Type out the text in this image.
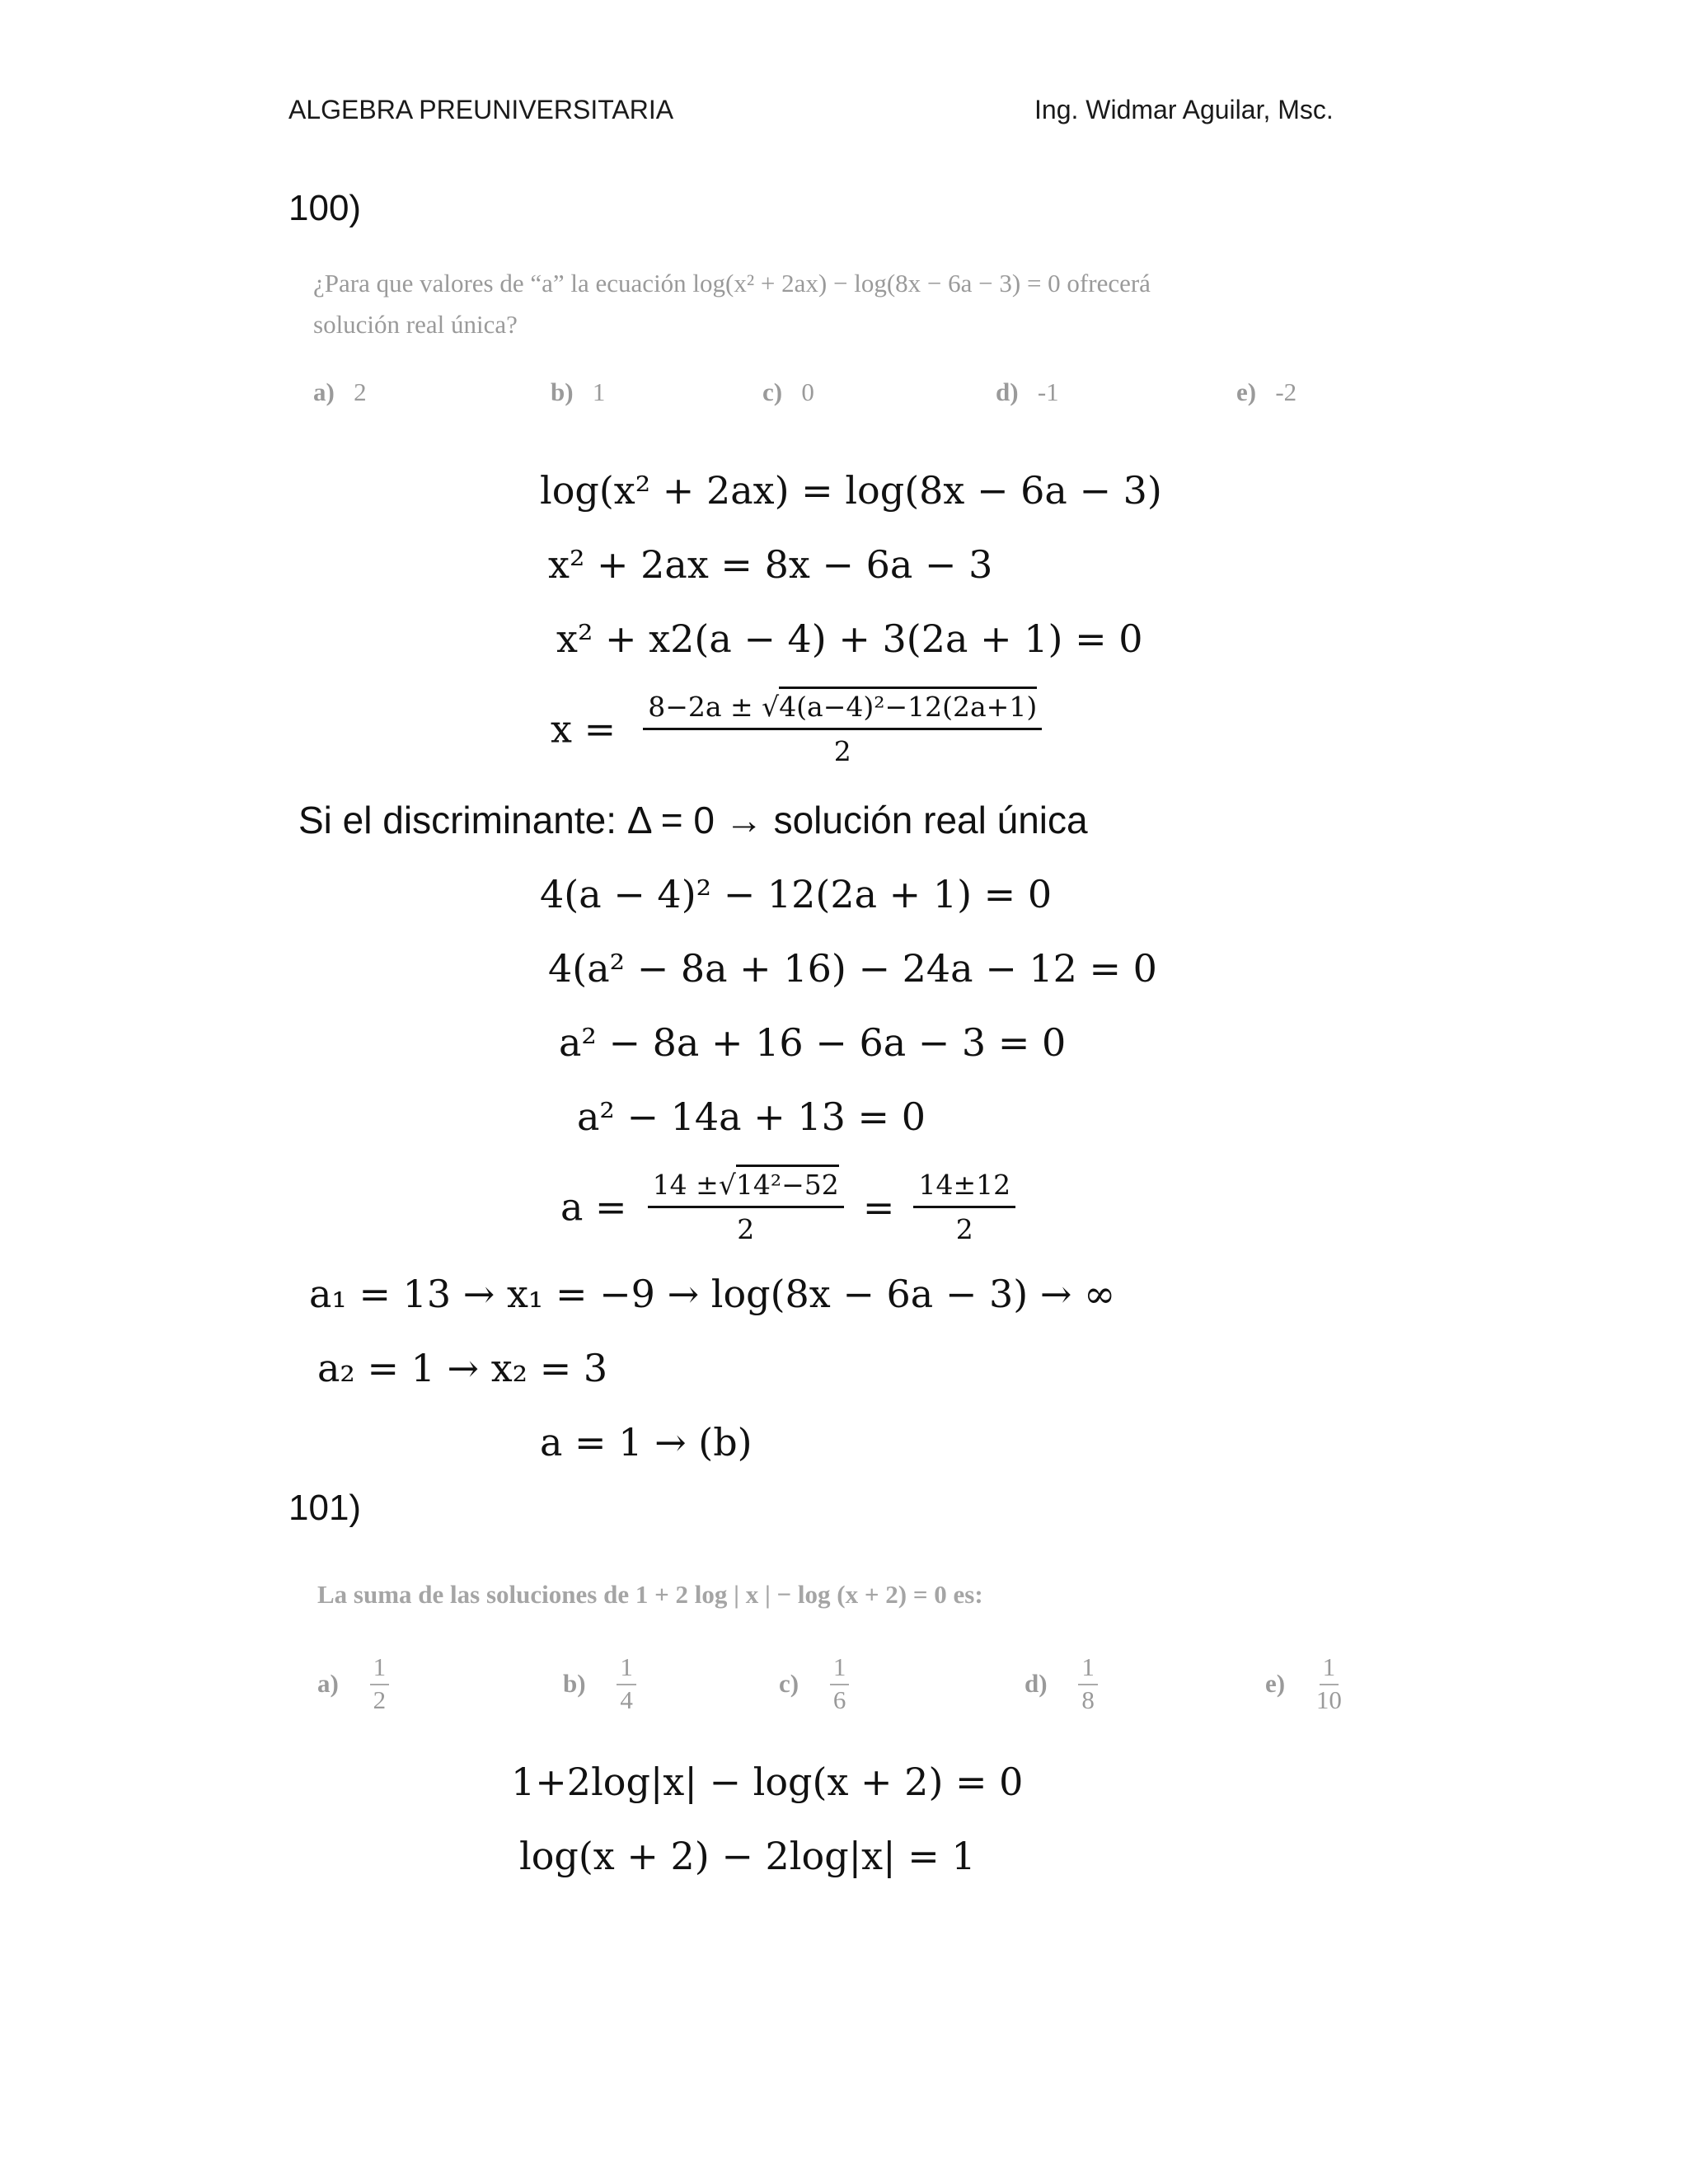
ALGEBRA PREUNIVERSITARIA	Ing. Widmar Aguilar, Msc.
100)
¿Para que valores de “a” la ecuación log(x² + 2ax) − log(8x − 6a − 3) = 0 ofrecerá
solución real única?
a) 2	b) 1	c) 0	d) -1	e) -2
log(x² + 2ax) = log(8x − 6a − 3)
x² + 2ax = 8x − 6a − 3
x² + x2(a − 4) + 3(2a + 1) = 0
$x = \frac{\text{8−2a ± √4(a−4)²−12(2a+1)}}{2}$
Si el discriminante: Δ = 0 → solución real única
4(a − 4)² − 12(2a + 1) = 0
4(a² − 8a + 16) − 24a − 12 = 0
a² − 8a + 16 − 6a − 3 = 0
a² − 14a + 13 = 0
$a = \frac{\text{14 ±√14²−52}}{2} = \frac{14\pm 12}{2}$
a₁ = 13 → x₁ = −9 → log(8x − 6a − 3) → ∞
a₂ = 1 → x₂ = 3
a = 1 → (b)
101)
La suma de las soluciones de 1 + 2 log | x | − log (x + 2) = 0 es:
$a) \frac{1}{2}$	$b) \frac{1}{4}$	$c) \frac{1}{6}$	$d) \frac{1}{8}$	$e) \frac{1}{10}$
1+2log|x| − log(x + 2) = 0
log(x + 2) − 2log|x| = 1
